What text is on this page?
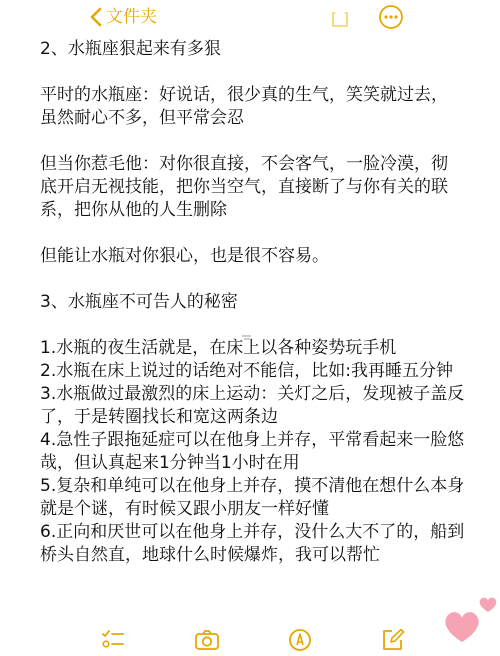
文件夹
2、水瓶座狠起来有多狠
平时的水瓶座：好说话，很少真的生气，笑笑就过去，
虽然耐心不多，但平常会忍
但当你惹毛他：对你很直接，不会客气，一脸冷漠，彻
底开启无视技能，把你当空气，直接断了与你有关的联
系，把你从他的人生删除
但能让水瓶对你狠心，也是很不容易。
3、水瓶座不可告人的秘密
1.水瓶的夜生活就是，在床上以各种姿势玩手机
2.水瓶在床上说过的话绝对不能信，比如:我再睡五分钟
3.水瓶做过最激烈的床上运动：关灯之后，发现被子盖反
了，于是转圈找长和宽这两条边
4.急性子跟拖延症可以在他身上并存，平常看起来一脸悠
哉，但认真起来1分钟当1小时在用
5.复杂和单纯可以在他身上并存，摸不清他在想什么本身
就是个谜，有时候又跟小朋友一样好懂
6.正向和厌世可以在他身上并存，没什么大不了的，船到
桥头自然直，地球什么时候爆炸，我可以帮忙
